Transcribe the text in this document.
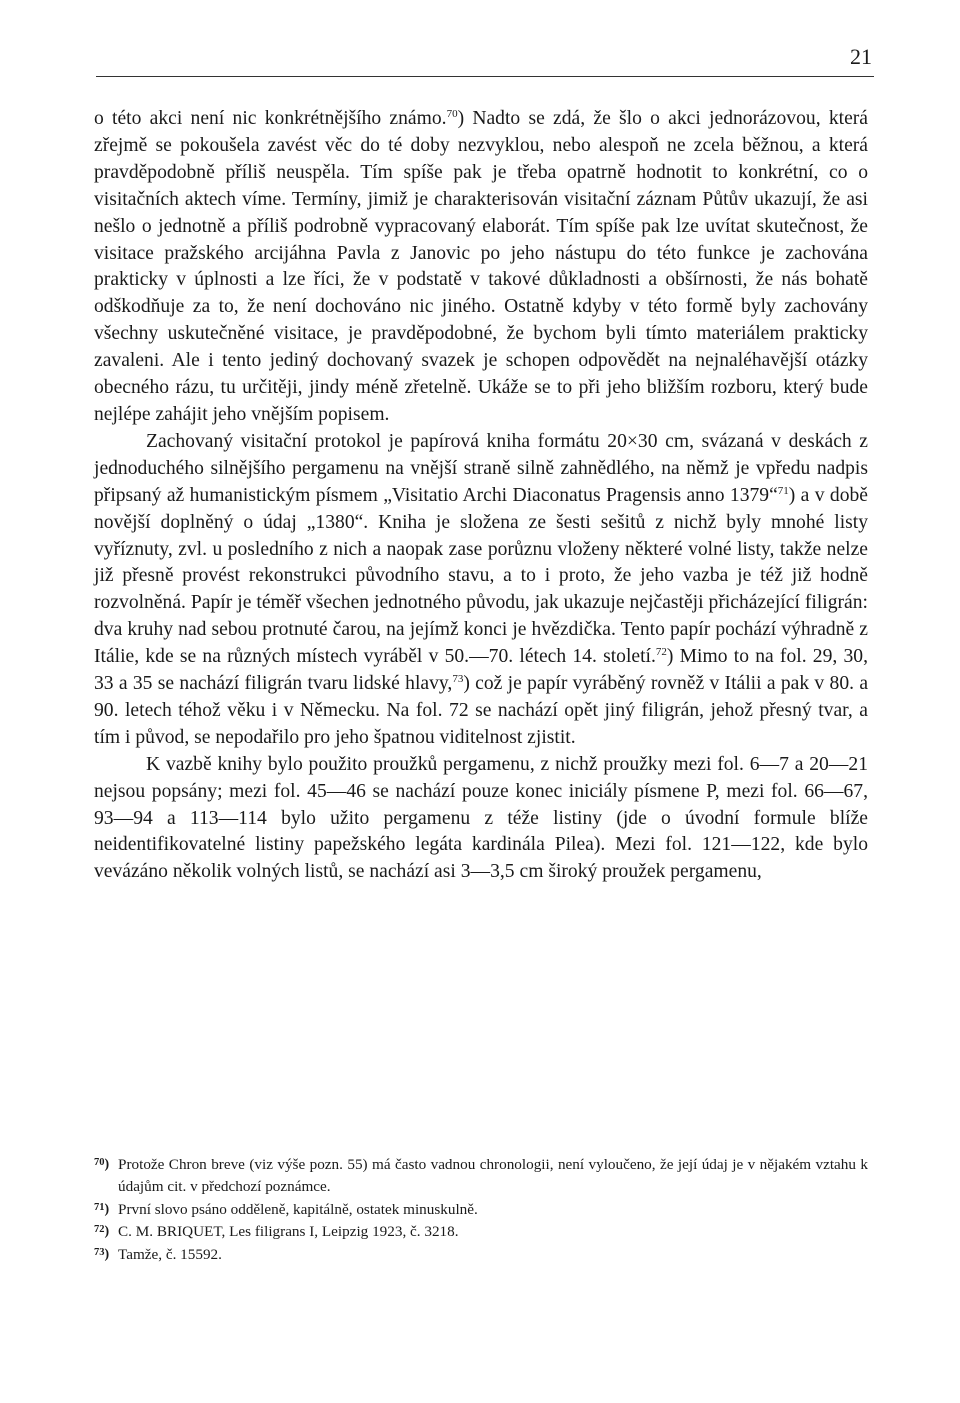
21

o této akci není nic konkrétnějšího známo.$^{70}$) Nadto se zdá, že šlo o akci jednorázovou, která zřejmě se pokoušela zavést věc do té doby nezvyklou, nebo alespoň ne zcela běžnou, a která pravděpodobně příliš neuspěla. Tím spíše pak je třeba opatrně hodnotit to konkrétní, co o visitačních aktech víme. Termíny, jimiž je charakterisován visitační záznam Půtův ukazují, že asi nešlo o jednotně a příliš podrobně vypracovaný elaborát. Tím spíše pak lze uvítat skutečnost, že visitace pražského arcijáhna Pavla z Janovic po jeho nástupu do této funkce je zachována prakticky v úplnosti a lze říci, že v podstatě v takové důkladnosti a obšírnosti, že nás bohatě odškodňuje za to, že není dochováno nic jiného. Ostatně kdyby v této formě byly zachovány všechny uskutečněné visitace, je pravděpodobné, že bychom byli tímto materiálem prakticky zavaleni. Ale i tento jediný dochovaný svazek je schopen odpovědět na nejnaléhavější otázky obecného rázu, tu určitěji, jindy méně zřetelně. Ukáže se to při jeho bližším rozboru, který bude nejlépe zahájit jeho vnějším popisem.

Zachovaný visitační protokol je papírová kniha formátu 20×30 cm, svázaná v deskách z jednoduchého silnějšího pergamenu na vnější straně silně zahnědlého, na němž je vpředu nadpis připsaný až humanistickým písmem „Visitatio Archi Diaconatus Pragensis anno 1379“$^{71}$) a v době novější doplněný o údaj „1380“. Kniha je složena ze šesti sešitů z nichž byly mnohé listy vyříznuty, zvl. u posledního z nich a naopak zase porůznu vloženy některé volné listy, takže nelze již přesně provést rekonstrukci původního stavu, a to i proto, že jeho vazba je též již hodně rozvolněná. Papír je téměř všechen jednotného původu, jak ukazuje nejčastěji přicházející filigrán: dva kruhy nad sebou protnuté čarou, na jejímž konci je hvězdička. Tento papír pochází výhradně z Itálie, kde se na různých místech vyráběl v 50.—70. létech 14. století.$^{72}$) Mimo to na fol. 29, 30, 33 a 35 se nachází filigrán tvaru lidské hlavy,$^{73}$) což je papír vyráběný rovněž v Itálii a pak v 80. a 90. letech téhož věku i v Německu. Na fol. 72 se nachází opět jiný filigrán, jehož přesný tvar, a tím i původ, se nepodařilo pro jeho špatnou viditelnost zjistit.

K vazbě knihy bylo použito proužků pergamenu, z nichž proužky mezi fol. 6—7 a 20—21 nejsou popsány; mezi fol. 45—46 se nachází pouze konec iniciály písmene P, mezi fol. 66—67, 93—94 a 113—114 bylo užito pergamenu z téže listiny (jde o úvodní formule blíže neidentifikovatelné listiny papežského legáta kardinála Pilea). Mezi fol. 121—122, kde bylo vevázáno několik volných listů, se nachází asi 3—3,5 cm široký proužek pergamenu,

70 ) Protože Chron breve (viz výše pozn. 55) má často vadnou chronologii, není vyloučeno, že její údaj je v nějakém vztahu k údajům cit. v předchozí poznámce.
71 ) První slovo psáno odděleně, kapitálně, ostatek minuskulně.
72 ) C. M. BRIQUET, Les filigrans I, Leipzig 1923, č. 3218.
73 ) Tamže, č. 15592.
